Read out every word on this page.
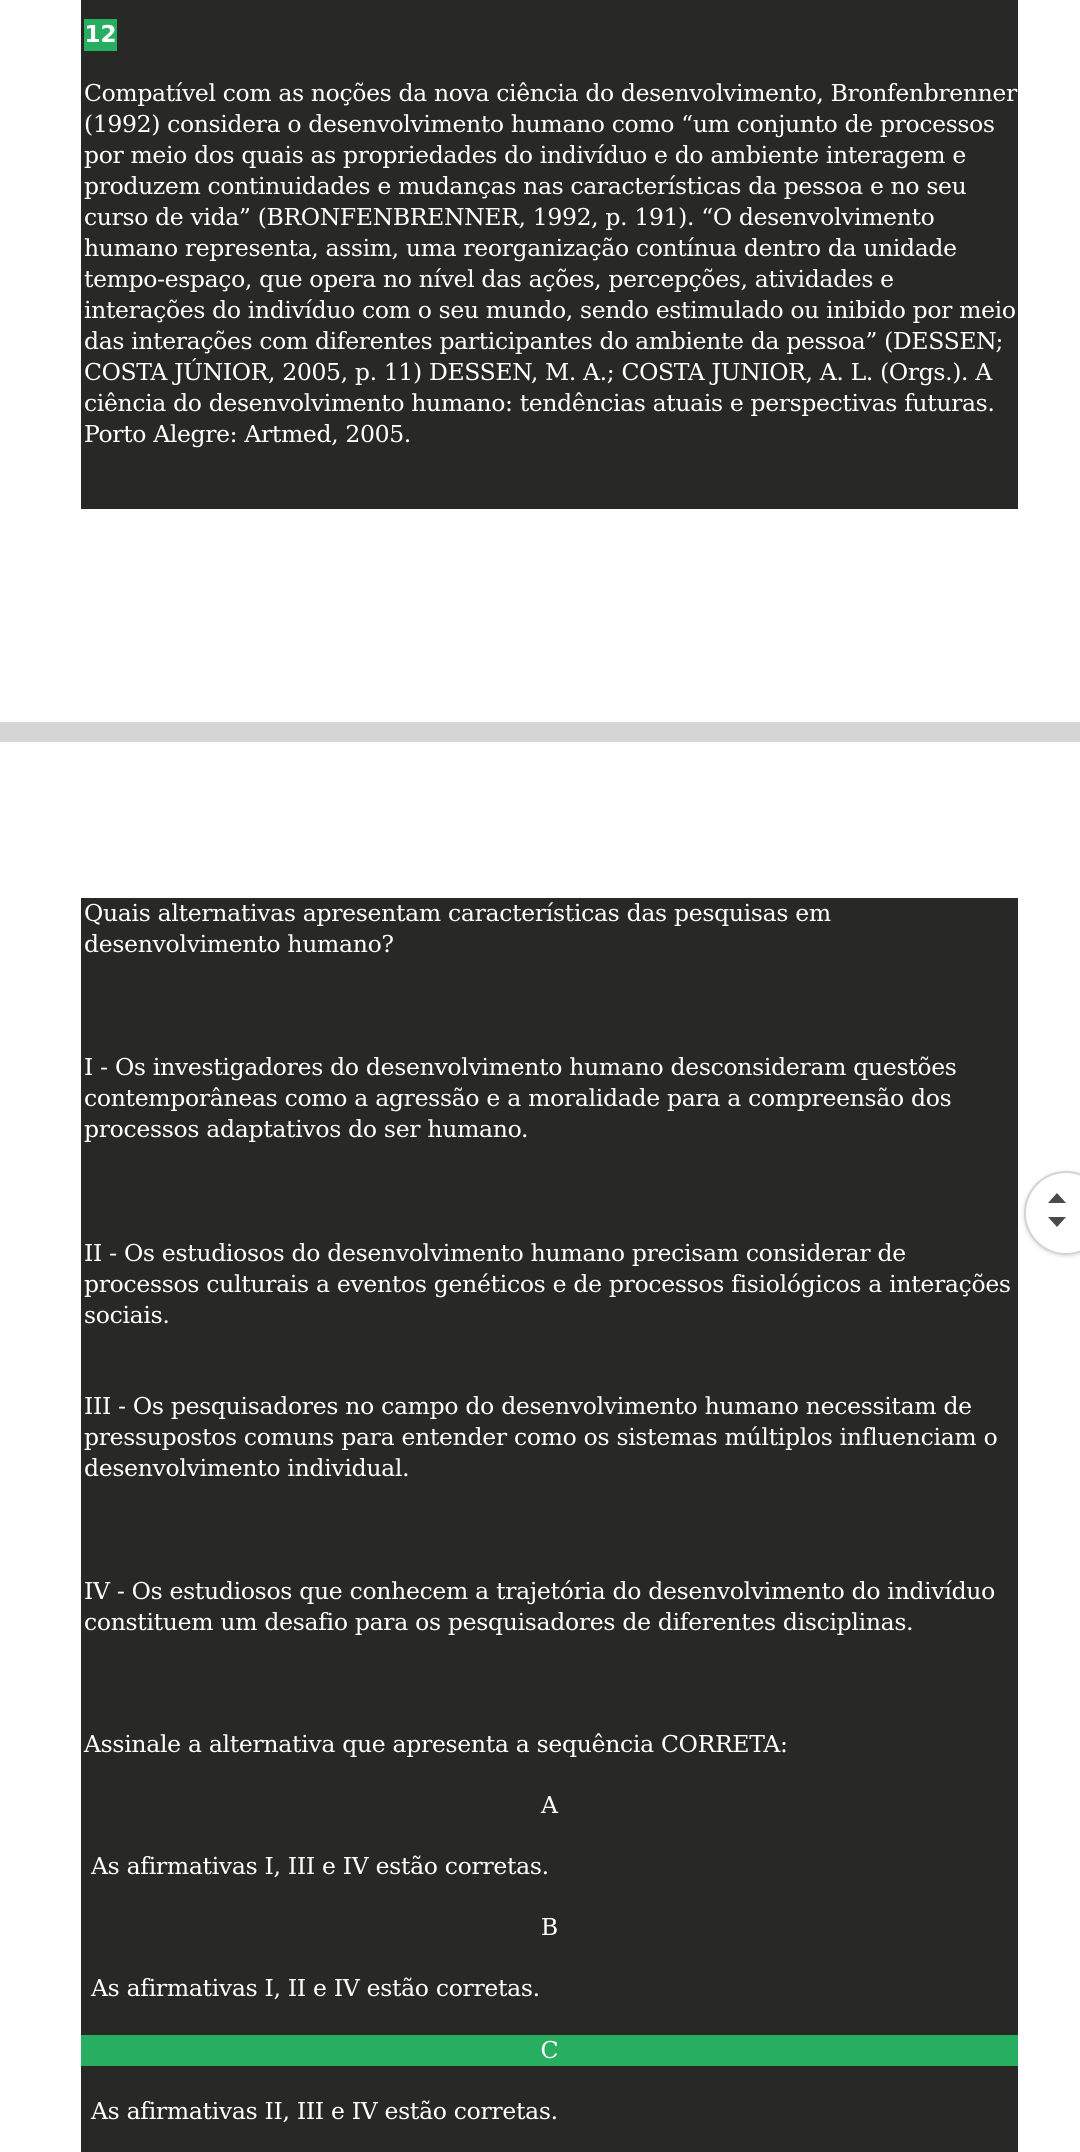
12
Compatível com as noções da nova ciência do desenvolvimento, Bronfenbrenner (1992) considera o desenvolvimento humano como “um conjunto de processos por meio dos quais as propriedades do indivíduo e do ambiente interagem e produzem continuidades e mudanças nas características da pessoa e no seu curso de vida” (BRONFENBRENNER, 1992, p. 191). “O desenvolvimento humano representa, assim, uma reorganização contínua dentro da unidade tempo-espaço, que opera no nível das ações, percepções, atividades e interações do indivíduo com o seu mundo, sendo estimulado ou inibido por meio das interações com diferentes participantes do ambiente da pessoa” (DESSEN; COSTA JÚNIOR, 2005, p. 11) DESSEN, M. A.; COSTA JUNIOR, A. L. (Orgs.). A ciência do desenvolvimento humano: tendências atuais e perspectivas futuras. Porto Alegre: Artmed, 2005.
Quais alternativas apresentam características das pesquisas em desenvolvimento humano?
I - Os investigadores do desenvolvimento humano desconsideram questões contemporâneas como a agressão e a moralidade para a compreensão dos processos adaptativos do ser humano.
II - Os estudiosos do desenvolvimento humano precisam considerar de processos culturais a eventos genéticos e de processos fisiológicos a interações sociais.
III - Os pesquisadores no campo do desenvolvimento humano necessitam de pressupostos comuns para entender como os sistemas múltiplos influenciam o desenvolvimento individual.
IV - Os estudiosos que conhecem a trajetória do desenvolvimento do indivíduo constituem um desafio para os pesquisadores de diferentes disciplinas.
Assinale a alternativa que apresenta a sequência CORRETA:
A
As afirmativas I, III e IV estão corretas.
B
As afirmativas I, II e IV estão corretas.
C
As afirmativas II, III e IV estão corretas.
